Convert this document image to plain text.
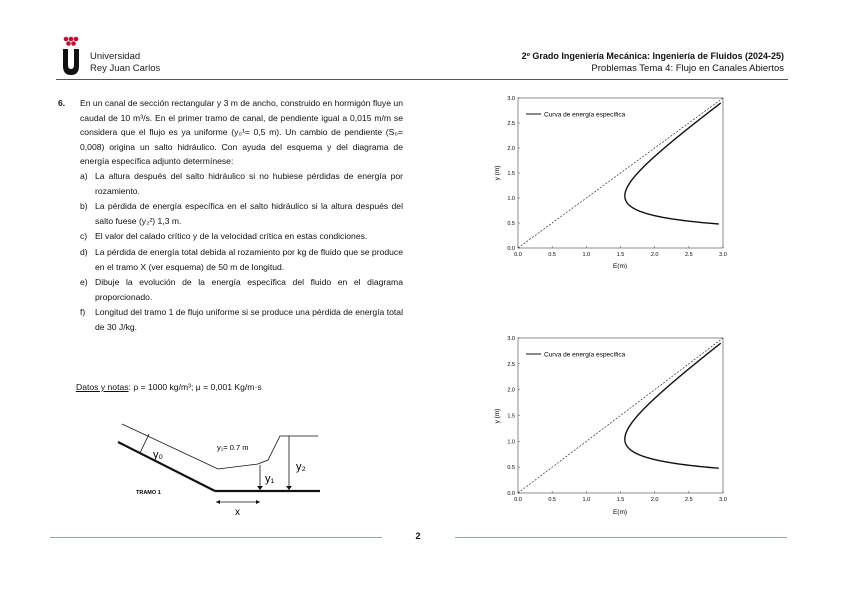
Universidad
Rey Juan Carlos
2º Grado Ingeniería Mecánica: Ingeniería de Fluidos (2024-25)
Problemas Tema 4: Flujo en Canales Abiertos
6. En un canal de sección rectangular y 3 m de ancho, construido en hormigón fluye un caudal de 10 m³/s. En el primer tramo de canal, de pendiente igual a 0,015 m/m se considera que el flujo es ya uniforme (y₀¹= 0,5 m). Un cambio de pendiente (S₀= 0,008) origina un salto hidráulico. Con ayuda del esquema y del diagrama de energía específica adjunto determínese:
a) La altura después del salto hidráulico si no hubiese pérdidas de energía por rozamiento.
b) La pérdida de energía específica en el salto hidráulico si la altura después del salto fuese (y₂²) 1,3 m.
c) El valor del calado crítico y de la velocidad crítica en estas condiciones.
d) La pérdida de energía total debida al rozamiento por kg de fluido que se produce en el tramo X (ver esquema) de 50 m de longitud.
e) Dibuje la evolución de la energía específica del fluido en el diagrama proporcionado.
f) Longitud del tramo 1 de flujo uniforme si se produce una pérdida de energía total de 30 J/kg.
Datos y notas: ρ = 1000 kg/m³; μ = 0,001 Kg/m·s
y₀
y₁= 0.7 m
y₁
y₂
TRAMO 1
x
0.0	0.5	1.0	1.5	2.0	2.5	3.0
0.0
0.5
1.0
1.5
2.0
2.5
3.0
Curva de energía específica
E(m)
y (m)
0.0	0.5	1.0	1.5	2.0	2.5	3.0
0.0
0.5
1.0
1.5
2.0
2.5
3.0
Curva de energía específica
E(m)
y (m)
2
